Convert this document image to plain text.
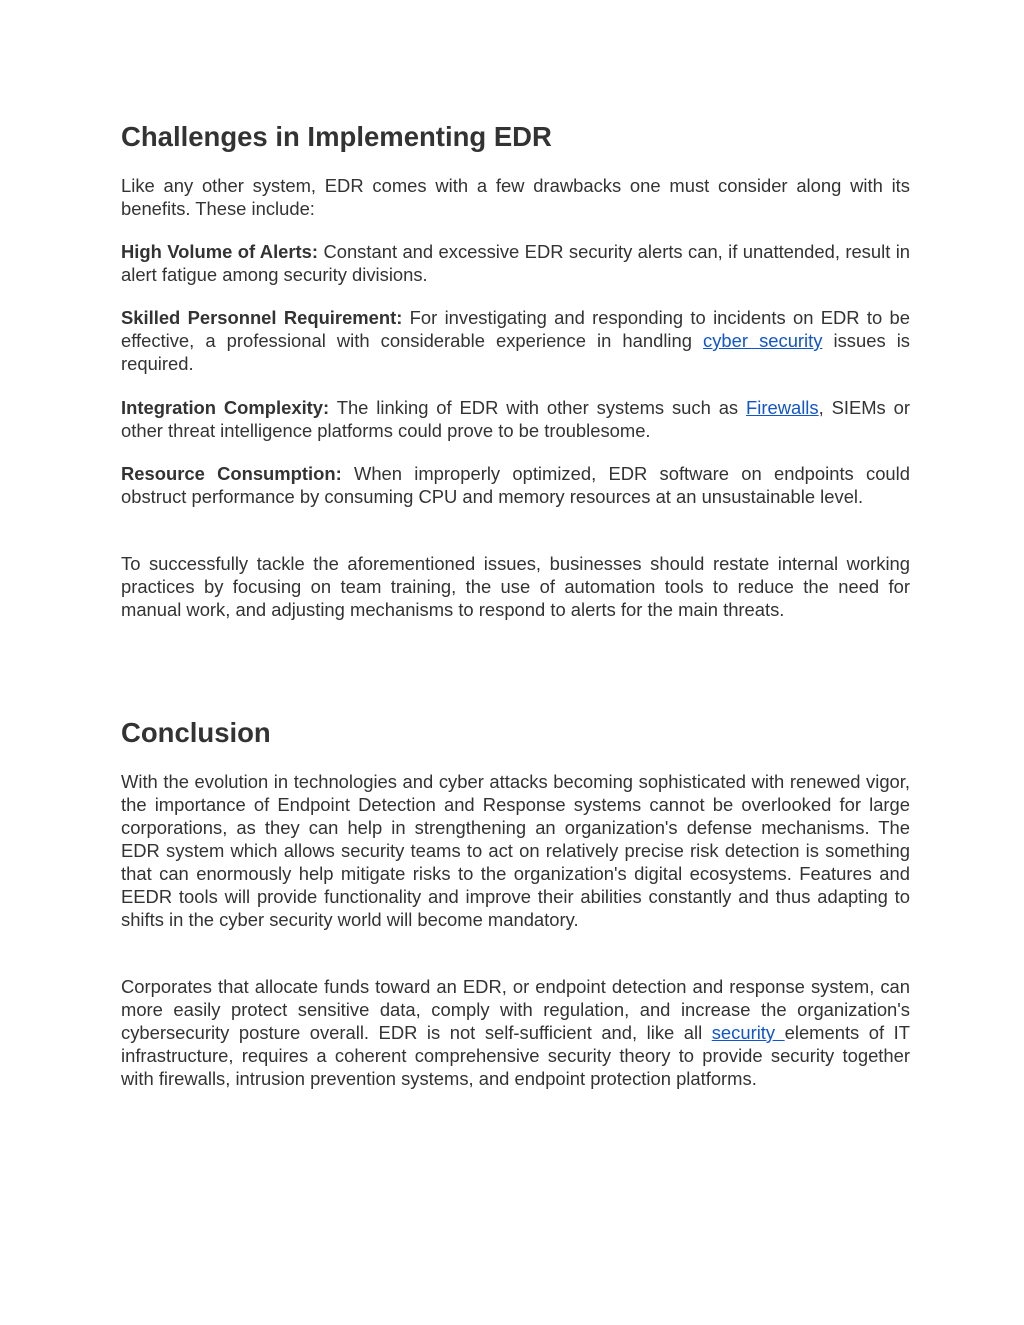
Challenges in Implementing EDR

Like any other system, EDR comes with a few drawbacks one must consider along with its benefits. These include:

High Volume of Alerts: Constant and excessive EDR security alerts can, if unattended, result in alert fatigue among security divisions.

Skilled Personnel Requirement: For investigating and responding to incidents on EDR to be effective, a professional with considerable experience in handling cyber security issues is required.

Integration Complexity: The linking of EDR with other systems such as Firewalls, SIEMs or other threat intelligence platforms could prove to be troublesome.

Resource Consumption: When improperly optimized, EDR software on endpoints could obstruct performance by consuming CPU and memory resources at an unsustainable level.

To successfully tackle the aforementioned issues, businesses should restate internal working practices by focusing on team training, the use of automation tools to reduce the need for manual work, and adjusting mechanisms to respond to alerts for the main threats.

Conclusion

With the evolution in technologies and cyber attacks becoming sophisticated with renewed vigor, the importance of Endpoint Detection and Response systems cannot be overlooked for large corporations, as they can help in strengthening an organization's defense mechanisms. The EDR system which allows security teams to act on relatively precise risk detection is something that can enormously help mitigate risks to the organization's digital ecosystems. Features and EEDR tools will provide functionality and improve their abilities constantly and thus adapting to shifts in the cyber security world will become mandatory.

Corporates that allocate funds toward an EDR, or endpoint detection and response system, can more easily protect sensitive data, comply with regulation, and increase the organization's cybersecurity posture overall. EDR is not self-sufficient and, like all security elements of IT infrastructure, requires a coherent comprehensive security theory to provide security together with firewalls, intrusion prevention systems, and endpoint protection platforms.
